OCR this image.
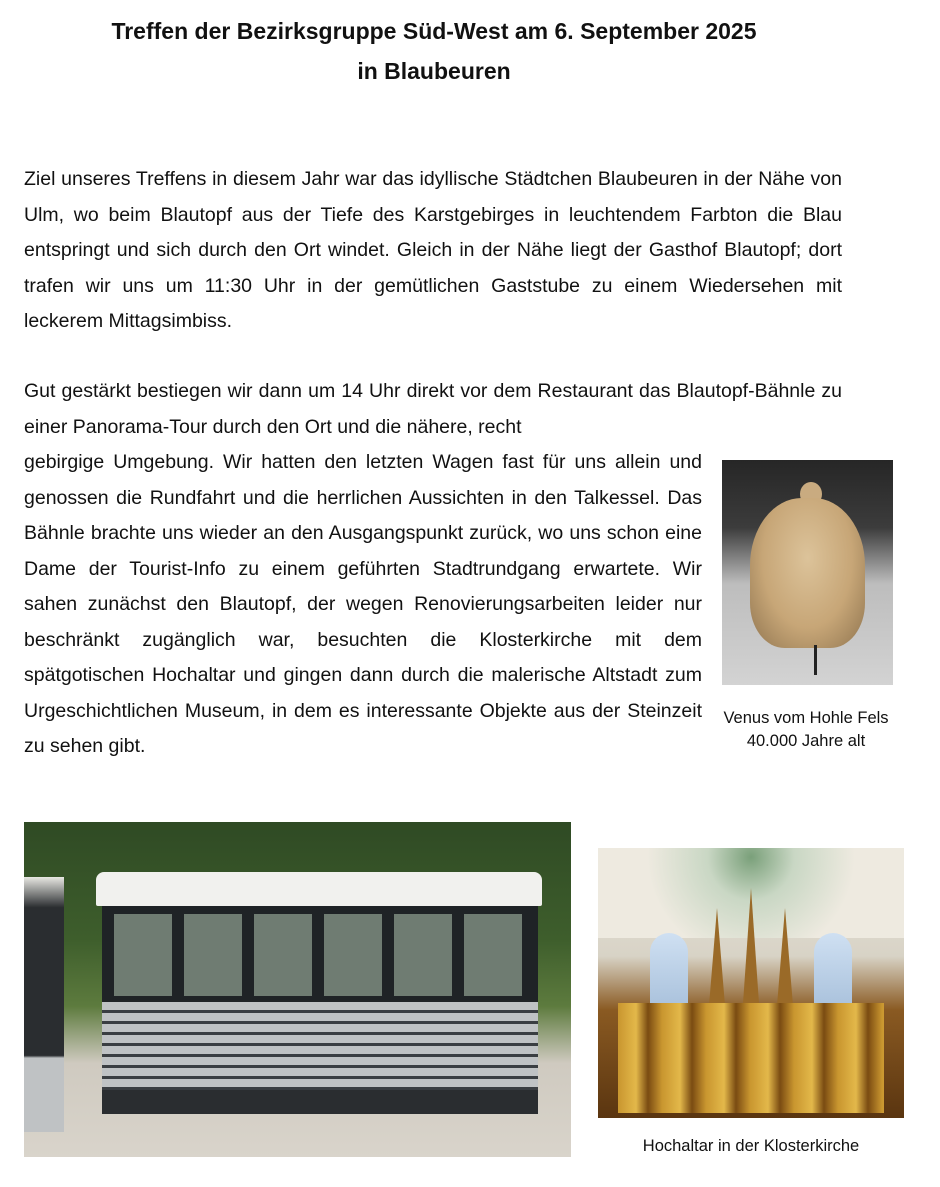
Treffen der Bezirksgruppe Süd-West am 6. September 2025
in Blaubeuren

Ziel unseres Treffens in diesem Jahr war das idyllische Städtchen Blaubeuren in der Nähe von Ulm, wo beim Blautopf aus der Tiefe des Karstgebirges in leuchtendem Farbton die Blau entspringt und sich durch den Ort windet. Gleich in der Nähe liegt der Gasthof Blautopf; dort trafen wir uns um 11:30 Uhr in der gemütlichen Gaststube zu einem Wiedersehen mit leckerem Mittagsimbiss.

Gut gestärkt bestiegen wir dann um 14 Uhr direkt vor dem Restaurant das Blautopf-Bähnle zu einer Panorama-Tour durch den Ort und die nähere, recht

gebirgige Umgebung. Wir hatten den letzten Wagen fast für uns allein und genossen die Rundfahrt und die herrlichen Aussichten in den Talkessel. Das Bähnle brachte uns wieder an den Ausgangspunkt zurück, wo uns schon eine Dame der Tourist-Info zu einem geführten Stadtrundgang erwartete. Wir sahen zunächst den Blautopf, der wegen Renovierungsarbeiten leider nur beschränkt zugänglich war, besuchten die Klosterkirche mit dem spätgotischen Hochaltar und gingen dann durch die malerische Altstadt zum Urgeschichtlichen Museum, in dem es interessante Objekte aus der Steinzeit zu sehen gibt.

Venus vom Hohle Fels
40.000 Jahre alt
Hochaltar in der Klosterkirche
